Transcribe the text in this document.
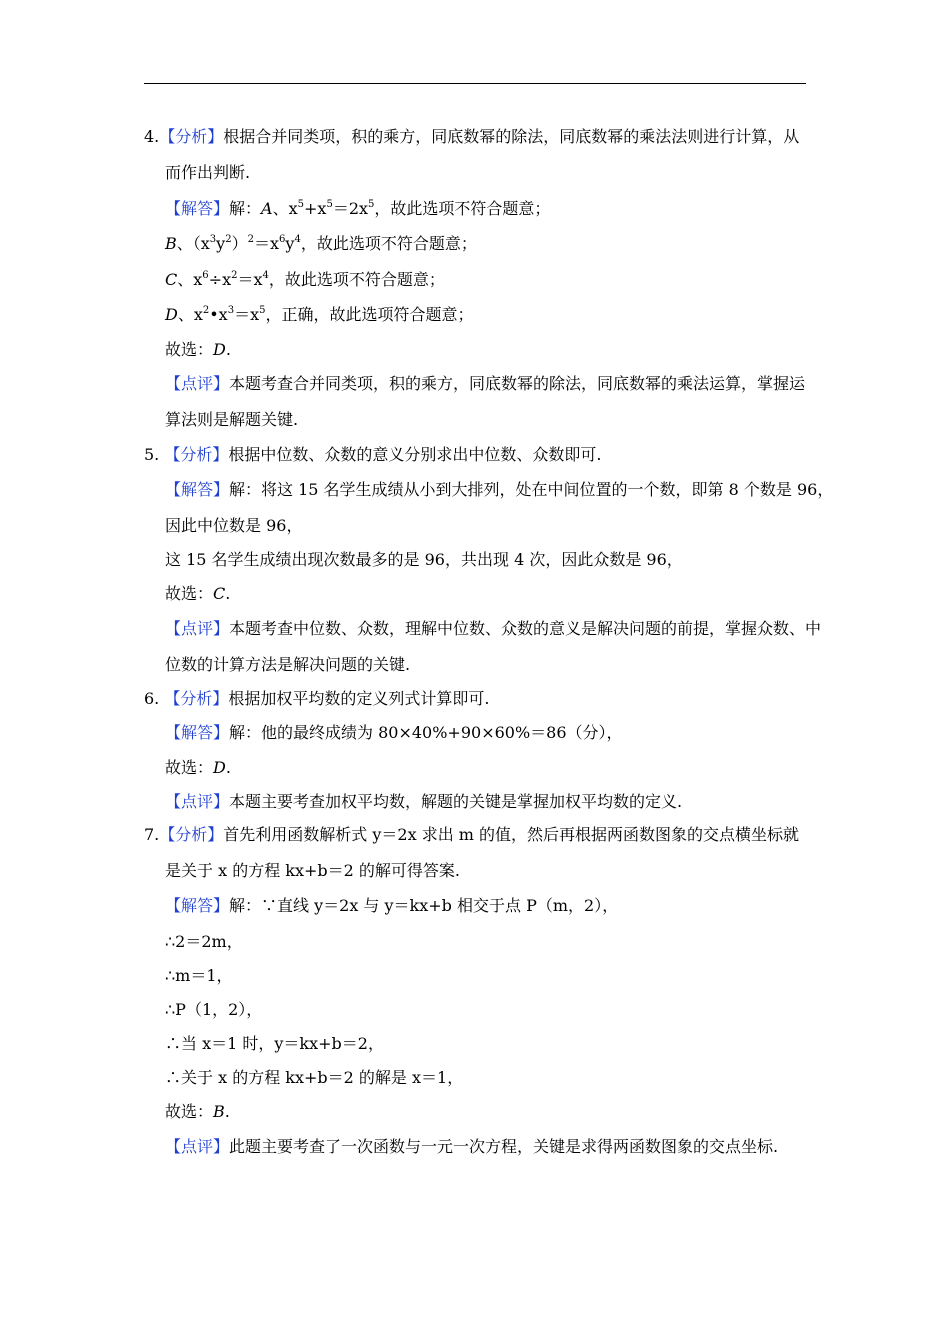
4.【分析】根据合并同类项，积的乘方，同底数幂的除法，同底数幂的乘法法则进行计算，从
而作出判断.
【解答】解：A、$x^5+x^5=2x^5$，故此选项不符合题意；
B、$(x^3y^2)^2=x^6y^4$，故此选项不符合题意；
C、$x^6\div x^2=x^4$，故此选项不符合题意；
D、$x^2•x^3=x^5$，正确，故此选项符合题意；
故选：D.
【点评】本题考查合并同类项，积的乘方，同底数幂的除法，同底数幂的乘法运算，掌握运
算法则是解题关键.
5. 【分析】根据中位数、众数的意义分别求出中位数、众数即可.
【解答】解：将这 15 名学生成绩从小到大排列，处在中间位置的一个数，即第 8 个数是 96，
因此中位数是 96，
这 15 名学生成绩出现次数最多的是 96，共出现 4 次，因此众数是 96，
故选：C.
【点评】本题考查中位数、众数，理解中位数、众数的意义是解决问题的前提，掌握众数、中
位数的计算方法是解决问题的关键.
6. 【分析】根据加权平均数的定义列式计算即可.
【解答】解：他的最终成绩为 80×40%+90×60%＝86（分），
故选：D.
【点评】本题主要考查加权平均数，解题的关键是掌握加权平均数的定义.
7.【分析】首先利用函数解析式 y＝2x 求出 m 的值，然后再根据两函数图象的交点横坐标就
是关于 x 的方程 kx+b＝2 的解可得答案.
【解答】解：∵直线 y＝2x 与 y＝kx+b 相交于点 P（m，2），
∴2＝2m，
∴m＝1，
∴P（1，2），
∴当 x＝1 时，y＝kx+b＝2，
∴关于 x 的方程 kx+b＝2 的解是 x＝1，
故选：B.
【点评】此题主要考查了一次函数与一元一次方程，关键是求得两函数图象的交点坐标.
